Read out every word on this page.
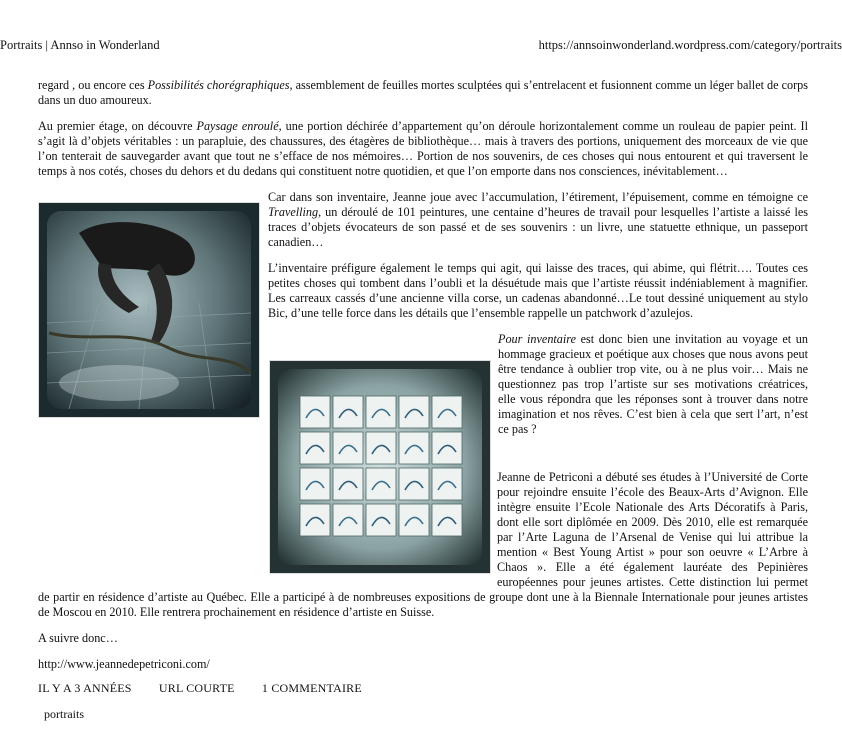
Portraits | Annso in Wonderland	https://annsoinwonderland.wordpress.com/category/portraits

regard , ou encore ces Possibilités chorégraphiques, assemblement de feuilles mortes sculptées qui s’entrelacent et fusionnent comme un léger ballet de corps dans un duo amoureux.

Au premier étage, on découvre Paysage enroulé, une portion déchirée d’appartement qu’on déroule horizontalement comme un rouleau de papier peint. Il s’agit là d’objets véritables : un parapluie, des chaussures, des étagères de bibliothèque… mais à travers des portions, uniquement des morceaux de vie que l’on tenterait de sauvegarder avant que tout ne s’efface de nos mémoires… Portion de nos souvenirs, de ces choses qui nous entourent et qui traversent le temps à nos cotés, choses du dehors et du dedans qui constituent notre quotidien, et que l’on emporte dans nos consciences, inévitablement…

Car dans son inventaire, Jeanne joue avec l’accumulation, l’étirement, l’épuisement, comme en témoigne ce Travelling, un déroulé de 101 peintures, une centaine d’heures de travail pour lesquelles l’artiste a laissé les traces d’objets évocateurs de son passé et de ses souvenirs : un livre, une statuette ethnique, un passeport canadien…

L’inventaire préfigure également le temps qui agit, qui laisse des traces, qui abime, qui flétrit…. Toutes ces petites choses qui tombent dans l’oubli et la désuétude mais que l’artiste réussit indéniablement à magnifier. Les carreaux cassés d’une ancienne villa corse, un cadenas abandonné…Le tout dessiné uniquement au stylo Bic, d’une telle force dans les détails que l’ensemble rappelle un patchwork d’azulejos.

Pour inventaire est donc bien une invitation au voyage et un hommage gracieux et poétique aux choses que nous avons peut être tendance à oublier trop vite, ou à ne plus voir… Mais ne questionnez pas trop l’artiste sur ses motivations créatrices, elle vous répondra que les réponses sont à trouver dans notre imagination et nos rêves. C’est bien à cela que sert l’art, n’est ce pas ?

Jeanne de Petriconi a débuté ses études à l’Université de Corte pour rejoindre ensuite l’école des Beaux-Arts d’Avignon. Elle intègre ensuite l’Ecole Nationale des Arts Décoratifs à Paris, dont elle sort diplômée en 2009. Dès 2010, elle est remarquée par l’Arte Laguna de l’Arsenal de Venise qui lui attribue la mention « Best Young Artist » pour son oeuvre « L’Arbre à Chaos ». Elle a été également lauréate des Pepinières européennes pour jeunes artistes. Cette distinction lui permet de partir en résidence d’artiste au Québec. Elle a participé à de nombreuses expositions de groupe dont une à la Biennale Internationale pour jeunes artistes de Moscou en 2010. Elle rentrera prochainement en résidence d’artiste en Suisse.

A suivre donc…

http://www.jeannedepetriconi.com/

IL Y A 3 ANNÉES URL COURTE 1 COMMENTAIRE
portraits
